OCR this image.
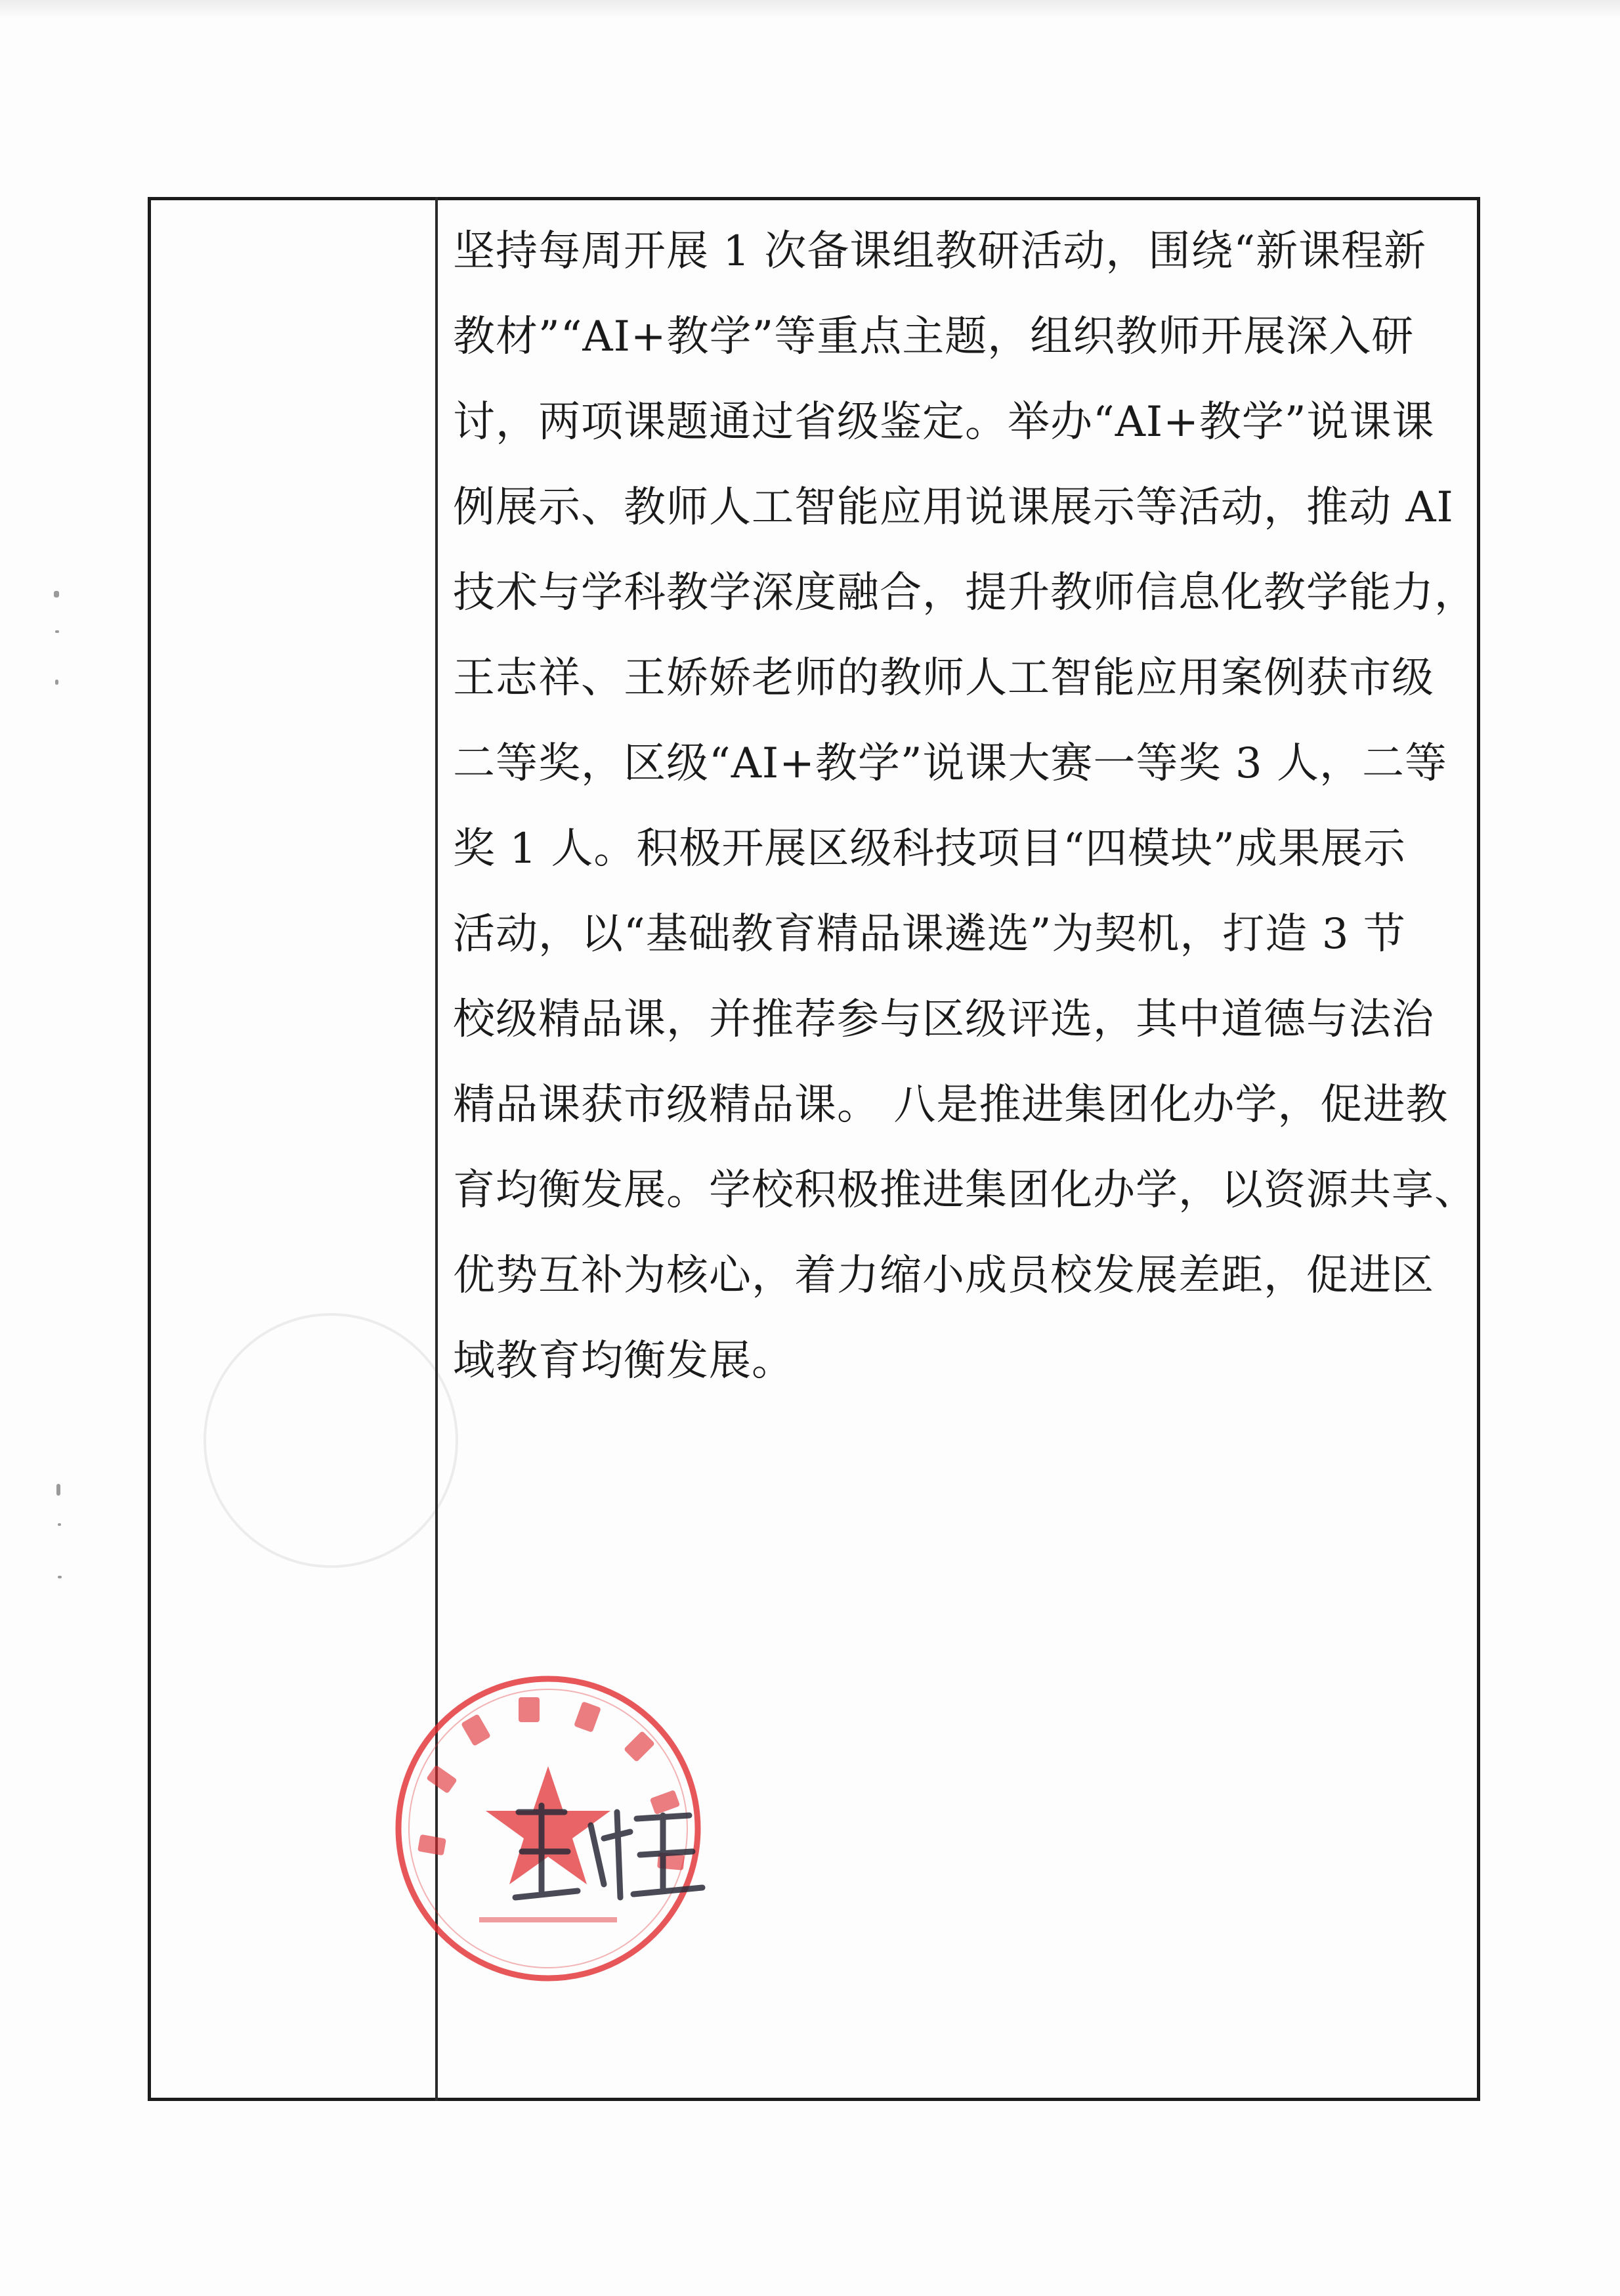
坚持每周开展 1 次备课组教研活动，围绕“新课程新
教材”“AI+教学”等重点主题，组织教师开展深入研
讨，两项课题通过省级鉴定。举办“AI+教学”说课课
例展示、教师人工智能应用说课展示等活动，推动 AI
技术与学科教学深度融合，提升教师信息化教学能力，
王志祥、王娇娇老师的教师人工智能应用案例获市级
二等奖，区级“AI+教学”说课大赛一等奖 3 人，二等
奖 1 人。积极开展区级科技项目“四模块”成果展示
活动，以“基础教育精品课遴选”为契机，打造 3 节
校级精品课，并推荐参与区级评选，其中道德与法治
精品课获市级精品课。 八是推进集团化办学，促进教
育均衡发展。学校积极推进集团化办学，以资源共享、
优势互补为核心，着力缩小成员校发展差距，促进区
域教育均衡发展。
